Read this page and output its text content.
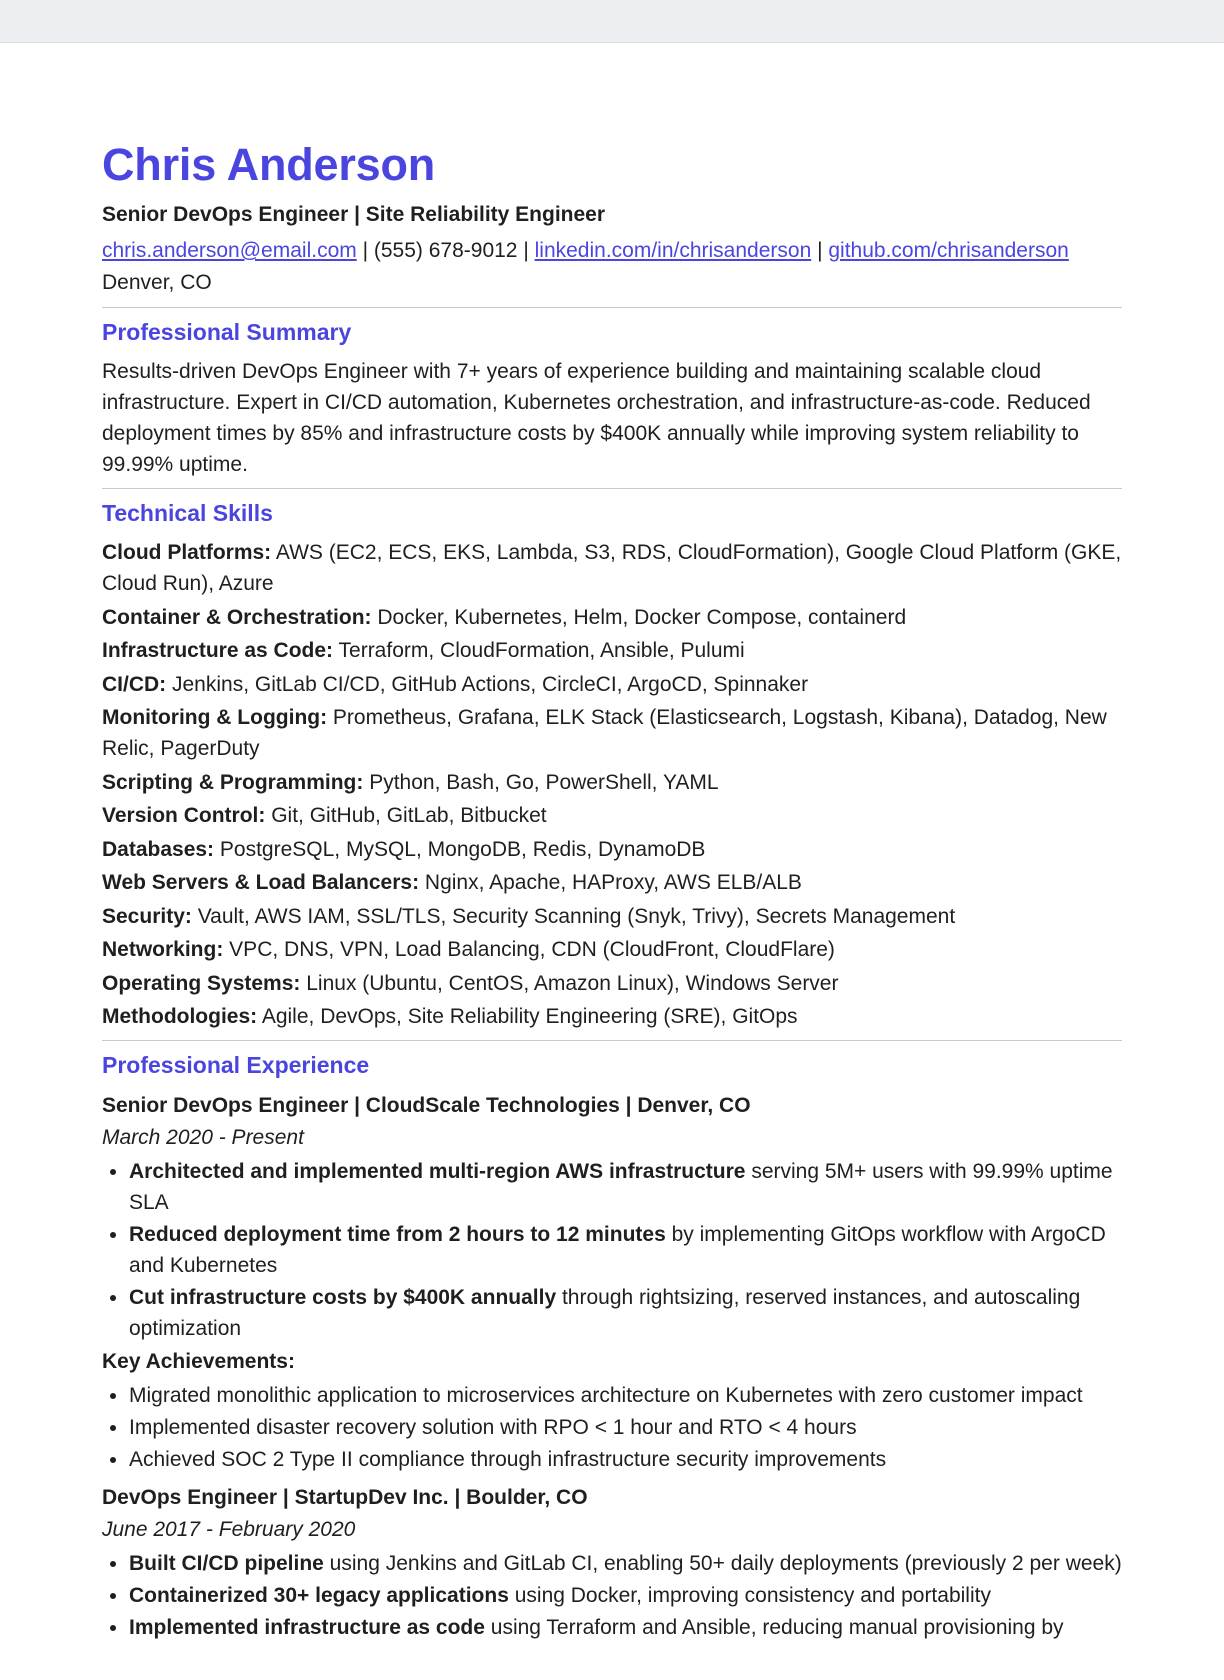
Chris Anderson
Senior DevOps Engineer | Site Reliability Engineer
chris.anderson@email.com | (555) 678-9012 | linkedin.com/in/chrisanderson | github.com/chrisanderson
Denver, CO
Professional Summary
Results-driven DevOps Engineer with 7+ years of experience building and maintaining scalable cloud infrastructure. Expert in CI/CD automation, Kubernetes orchestration, and infrastructure-as-code. Reduced deployment times by 85% and infrastructure costs by $400K annually while improving system reliability to 99.99% uptime.
Technical Skills
Cloud Platforms: AWS (EC2, ECS, EKS, Lambda, S3, RDS, CloudFormation), Google Cloud Platform (GKE, Cloud Run), Azure
Container & Orchestration: Docker, Kubernetes, Helm, Docker Compose, containerd
Infrastructure as Code: Terraform, CloudFormation, Ansible, Pulumi
CI/CD: Jenkins, GitLab CI/CD, GitHub Actions, CircleCI, ArgoCD, Spinnaker
Monitoring & Logging: Prometheus, Grafana, ELK Stack (Elasticsearch, Logstash, Kibana), Datadog, New Relic, PagerDuty
Scripting & Programming: Python, Bash, Go, PowerShell, YAML
Version Control: Git, GitHub, GitLab, Bitbucket
Databases: PostgreSQL, MySQL, MongoDB, Redis, DynamoDB
Web Servers & Load Balancers: Nginx, Apache, HAProxy, AWS ELB/ALB
Security: Vault, AWS IAM, SSL/TLS, Security Scanning (Snyk, Trivy), Secrets Management
Networking: VPC, DNS, VPN, Load Balancing, CDN (CloudFront, CloudFlare)
Operating Systems: Linux (Ubuntu, CentOS, Amazon Linux), Windows Server
Methodologies: Agile, DevOps, Site Reliability Engineering (SRE), GitOps
Professional Experience
Senior DevOps Engineer | CloudScale Technologies | Denver, CO
March 2020 - Present
• Architected and implemented multi-region AWS infrastructure serving 5M+ users with 99.99% uptime SLA
• Reduced deployment time from 2 hours to 12 minutes by implementing GitOps workflow with ArgoCD and Kubernetes
• Cut infrastructure costs by $400K annually through rightsizing, reserved instances, and autoscaling optimization
Key Achievements:
• Migrated monolithic application to microservices architecture on Kubernetes with zero customer impact
• Implemented disaster recovery solution with RPO < 1 hour and RTO < 4 hours
• Achieved SOC 2 Type II compliance through infrastructure security improvements
DevOps Engineer | StartupDev Inc. | Boulder, CO
June 2017 - February 2020
• Built CI/CD pipeline using Jenkins and GitLab CI, enabling 50+ daily deployments (previously 2 per week)
• Containerized 30+ legacy applications using Docker, improving consistency and portability
• Implemented infrastructure as code using Terraform and Ansible, reducing manual provisioning by
